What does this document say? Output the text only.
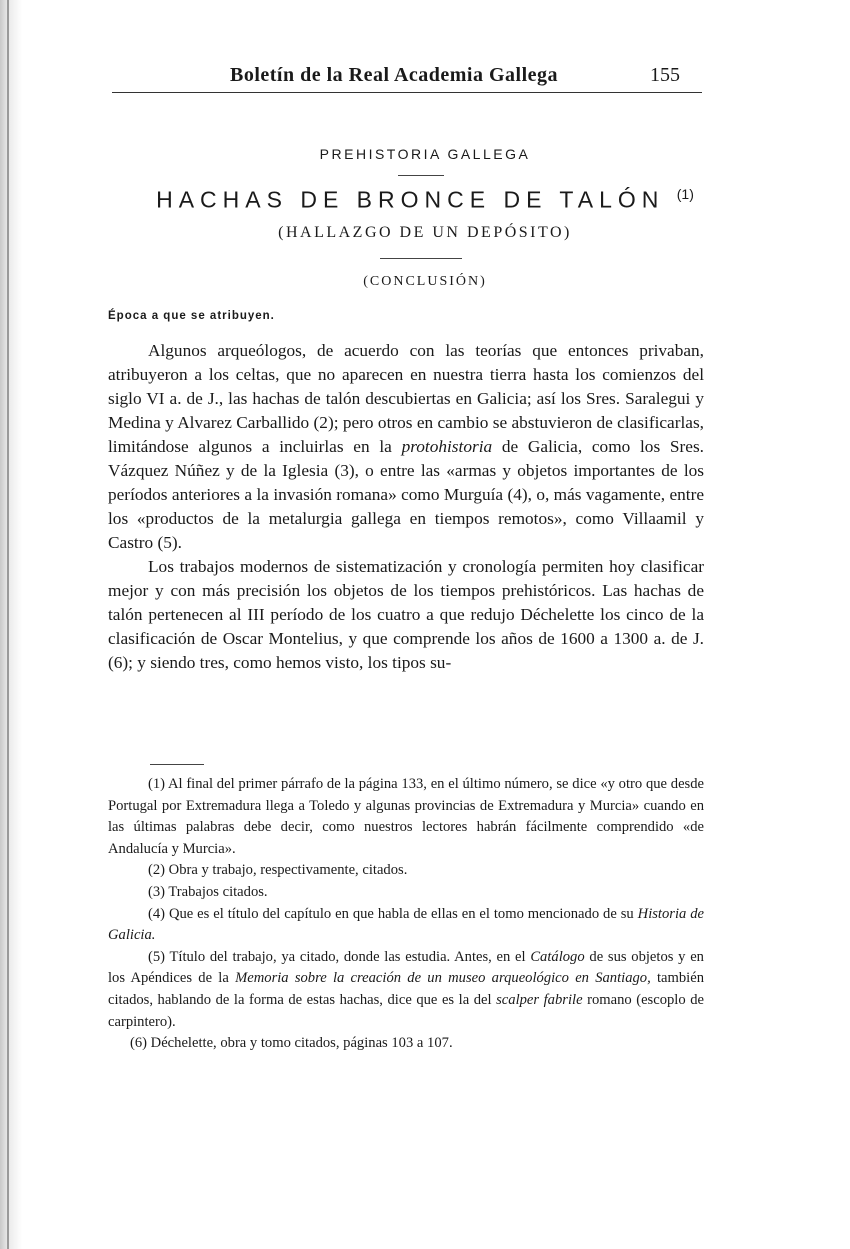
Boletín de la Real Academia Gallega	155
PREHISTORIA GALLEGA
HACHAS DE BRONCE DE TALÓN $^{(1)}$
(HALLAZGO DE UN DEPÓSITO)
(CONCLUSIÓN)
Época a que se atribuyen.

Algunos arqueólogos, de acuerdo con las teorías que entonces privaban, atribuyeron a los celtas, que no aparecen en nuestra tierra hasta los comienzos del siglo VI a. de J., las hachas de talón descubiertas en Galicia; así los Sres. Saralegui y Medina y Alvarez Carballido (2); pero otros en cambio se abstuvieron de clasificarlas, limitándose algunos a incluirlas en la protohistoria de Galicia, como los Sres. Vázquez Núñez y de la Iglesia (3), o entre las «armas y objetos importantes de los períodos anteriores a la invasión romana» como Murguía (4), o, más vagamente, entre los «productos de la metalurgia gallega en tiempos remotos», como Villaamil y Castro (5).

Los trabajos modernos de sistematización y cronología permiten hoy clasificar mejor y con más precisión los objetos de los tiempos prehistóricos. Las hachas de talón pertenecen al III período de los cuatro a que redujo Déchelette los cinco de la clasificación de Oscar Montelius, y que comprende los años de 1600 a 1300 a. de J. (6); y siendo tres, como hemos visto, los tipos su-

(1) Al final del primer párrafo de la página 133, en el último número, se dice «y otro que desde Portugal por Extremadura llega a Toledo y algunas provincias de Extremadura y Murcia» cuando en las últimas palabras debe decir, como nuestros lectores habrán fácilmente comprendido «de Andalucía y Murcia».

(2) Obra y trabajo, respectivamente, citados.

(3) Trabajos citados.

(4) Que es el título del capítulo en que habla de ellas en el tomo mencionado de su Historia de Galicia.

(5) Título del trabajo, ya citado, donde las estudia. Antes, en el Catálogo de sus objetos y en los Apéndices de la Memoria sobre la creación de un museo arqueológico en Santiago, también citados, hablando de la forma de estas hachas, dice que es la del scalper fabrile romano (escoplo de carpintero).

(6) Déchelette, obra y tomo citados, páginas 103 a 107.
